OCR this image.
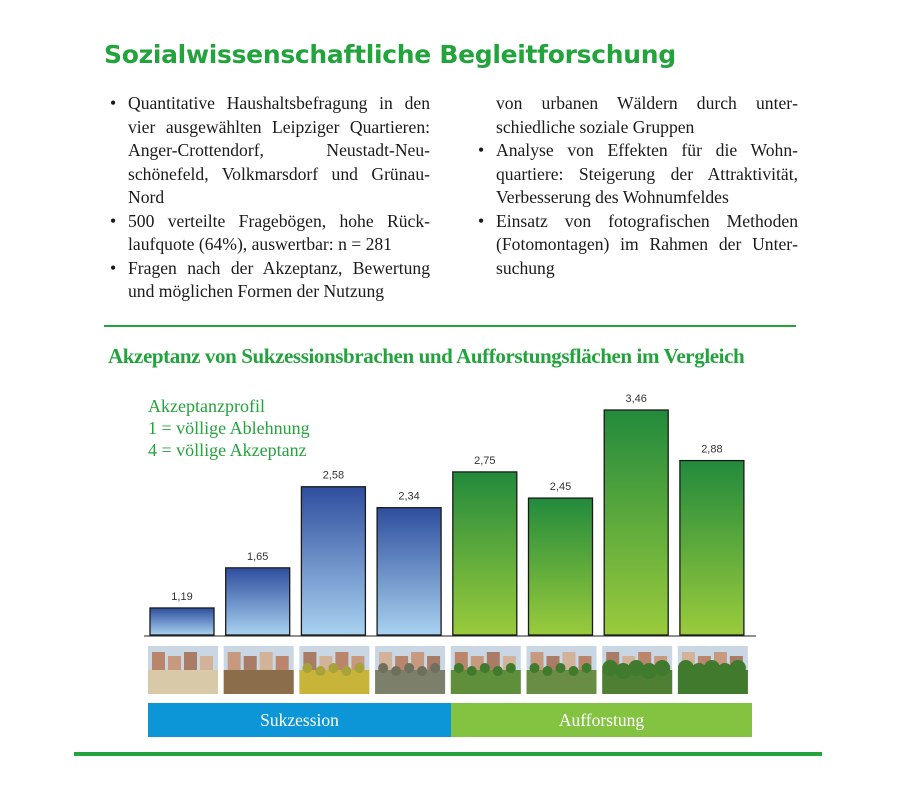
Sozialwissenschaftliche Begleitforschung
• Quantitative Haushaltsbefragung in den vier ausgewählten Leipziger Quartieren: Anger-Crottendorf, Neustadt-Neuschönefeld, Volkmarsdorf und Grünau-Nord
• 500 verteilte Fragebögen, hohe Rücklaufquote (64%), auswertbar: n = 281
• Fragen nach der Akzeptanz, Bewertung und möglichen Formen der Nutzung
von urbanen Wäldern durch unterschiedliche soziale Gruppen
• Analyse von Effekten für die Wohnquartiere: Steigerung der Attraktivität, Verbesserung des Wohnumfeldes
• Einsatz von fotografischen Methoden (Fotomontagen) im Rahmen der Untersuchung
Akzeptanz von Sukzessionsbrachen und Aufforstungsflächen im Vergleich
Akzeptanzprofil
1 = völlige Ablehnung
4 = völlige Akzeptanz
1,19
1,65
2,58
2,34
2,75
2,45
3,46
2,88
Sukzession	Aufforstung
